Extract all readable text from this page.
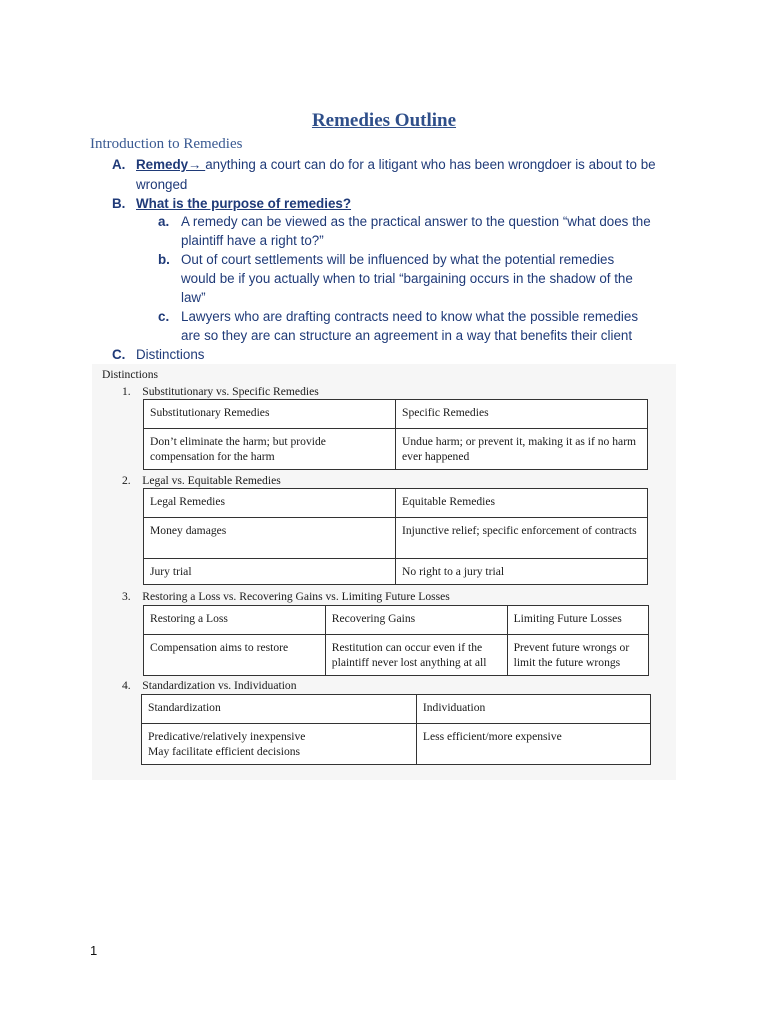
Remedies Outline
Introduction to Remedies
A. Remedy→ anything a court can do for a litigant who has been wrongdoer is about to be
wronged
B. What is the purpose of remedies?
a. A remedy can be viewed as the practical answer to the question “what does the
plaintiff have a right to?”
b. Out of court settlements will be influenced by what the potential remedies
would be if you actually when to trial “bargaining occurs in the shadow of the
law”
c. Lawyers who are drafting contracts need to know what the possible remedies
are so they are can structure an agreement in a way that benefits their client
C. Distinctions
Distinctions
1. Substitutionary vs. Specific Remedies
Substitutionary Remedies	Specific Remedies
Don’t eliminate the harm; but provide compensation for the harm	Undue harm; or prevent it, making it as if no harm ever happened
2. Legal vs. Equitable Remedies
Legal Remedies	Equitable Remedies
Money damages	Injunctive relief; specific enforcement of contracts
Jury trial	No right to a jury trial
3. Restoring a Loss vs. Recovering Gains vs. Limiting Future Losses
Restoring a Loss	Recovering Gains	Limiting Future Losses
Compensation aims to restore	Restitution can occur even if the plaintiff never lost anything at all	Prevent future wrongs or limit the future wrongs
4. Standardization vs. Individuation
Standardization	Individuation
Predicative/relatively inexpensive
May facilitate efficient decisions	Less efficient/more expensive
1
